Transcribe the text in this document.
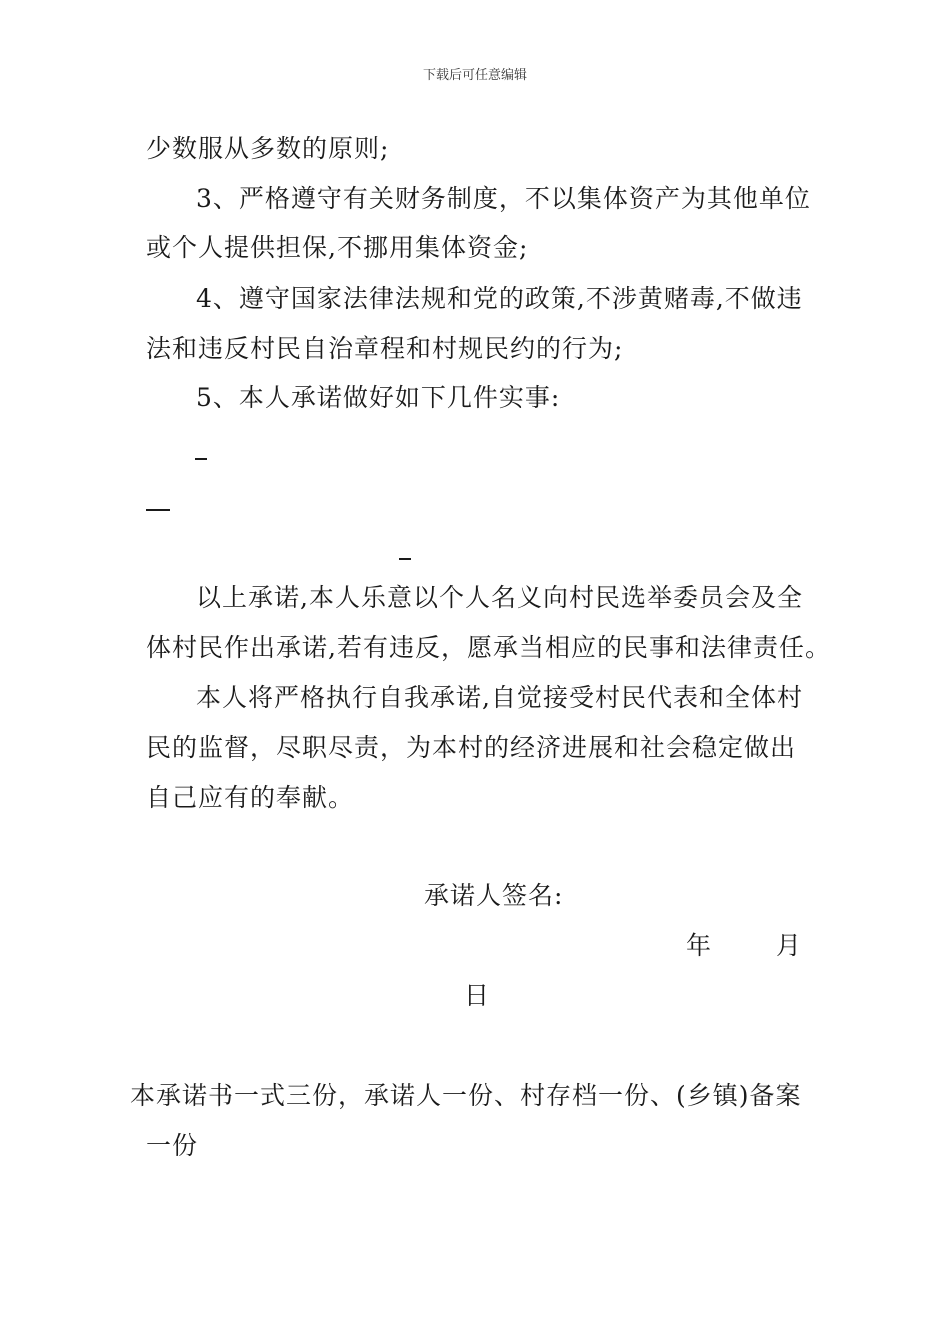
下载后可任意编辑
少数服从多数的原则;
3、严格遵守有关财务制度，不以集体资产为其他单位
或个人提供担保,不挪用集体资金;
4、遵守国家法律法规和党的政策,不涉黄赌毒,不做违
法和违反村民自治章程和村规民约的行为;
5、本人承诺做好如下几件实事:
以上承诺,本人乐意以个人名义向村民选举委员会及全
体村民作出承诺,若有违反，愿承当相应的民事和法律责任。
本人将严格执行自我承诺,自觉接受村民代表和全体村
民的监督，尽职尽责，为本村的经济进展和社会稳定做出
自己应有的奉献。
承诺人签名:
年	月
日
本承诺书一式三份，承诺人一份、村存档一份、(乡镇)备案
一份
